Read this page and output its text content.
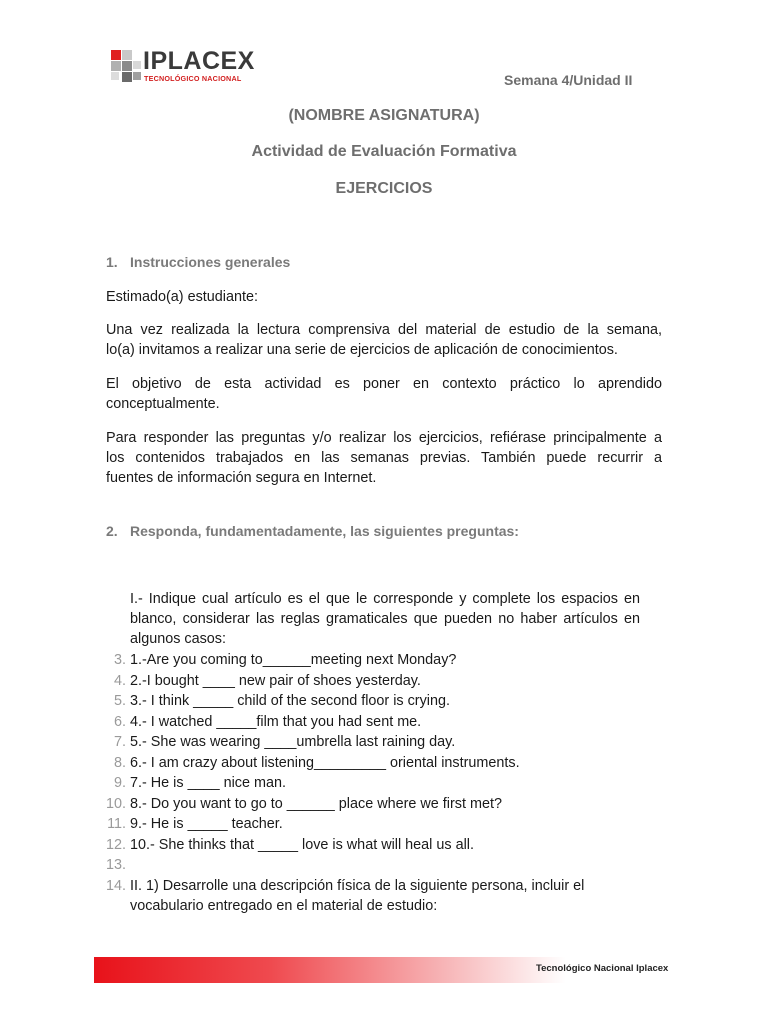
IPLACEX
TECNOLÓGICO NACIONAL	Semana 4/Unidad II
(NOMBRE ASIGNATURA)
Actividad de Evaluación Formativa
EJERCICIOS
1. Instrucciones generales
Estimado(a) estudiante:
Una vez realizada la lectura comprensiva del material de estudio de la semana,
lo(a) invitamos a realizar una serie de ejercicios de aplicación de conocimientos.
El objetivo de esta actividad es poner en contexto práctico lo aprendido
conceptualmente.
Para responder las preguntas y/o realizar los ejercicios, refiérase principalmente a
los contenidos trabajados en las semanas previas. También puede recurrir a
fuentes de información segura en Internet.
2. Responda, fundamentadamente, las siguientes preguntas:
I.- Indique cual artículo es el que le corresponde y complete los espacios en
blanco, considerar las reglas gramaticales que pueden no haber artículos en
algunos casos:
3. 1.-Are you coming to______meeting next Monday?
4. 2.-I bought ____ new pair of shoes yesterday.
5. 3.- I think _____ child of the second floor is crying.
6. 4.- I watched _____film that you had sent me.
7. 5.- She was wearing ____umbrella last raining day.
8. 6.- I am crazy about listening_________ oriental instruments.
9. 7.- He is ____ nice man.
10. 8.- Do you want to go to ______ place where we first met?
11. 9.- He is _____ teacher.
12. 10.- She thinks that _____ love is what will heal us all.
13.
14. II. 1) Desarrolle una descripción física de la siguiente persona, incluir el
vocabulario entregado en el material de estudio:
Tecnológico Nacional Iplacex
